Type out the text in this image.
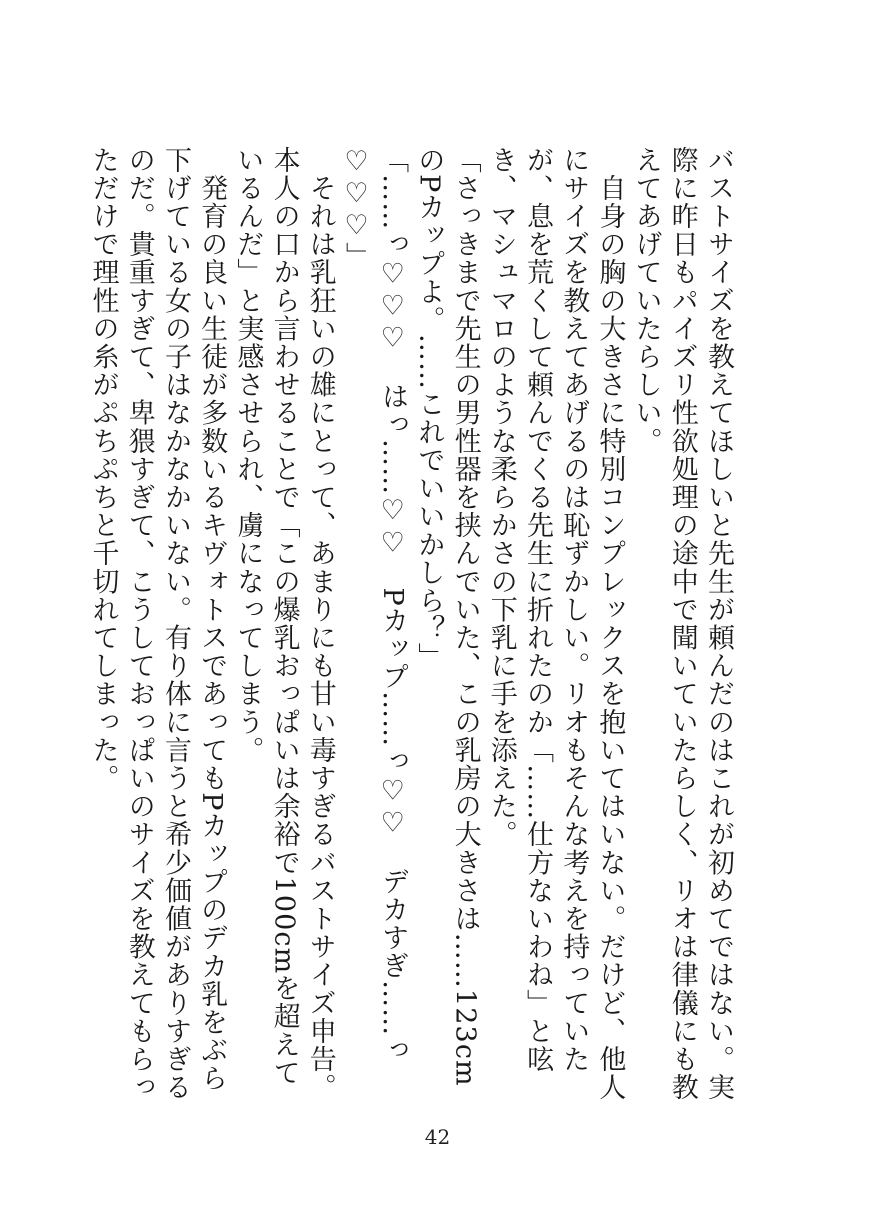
バストサイズを教えてほしいと先生が頼んだのはこれが初めてではない。実際に昨日もパイズリ性欲処理の途中で聞いていたらしく、リオは律儀にも教えてあげていたらしい。

　自身の胸の大きさに特別コンプレックスを抱いてはいない。だけど、他人にサイズを教えてあげるのは恥ずかしい。リオもそんな考えを持っていたが、息を荒くして頼んでくる先生に折れたのか「……仕方ないわね」と呟き、マシュマロのような柔らかさの下乳に手を添えた。

「さっきまで先生の男性器を挟んでいた、この乳房の大きさは……123cmのPカップよ。……これでいいかしら？」

「……っ♡♡♡　はっ……♡♡　Pカップ……っ♡♡　デカすぎ……っ♡♡♡」

　それは乳狂いの雄にとって、あまりにも甘い毒すぎるバストサイズ申告。本人の口から言わせることで「この爆乳おっぱいは余裕で100cmを超えているんだ」と実感させられ、虜になってしまう。

　発育の良い生徒が多数いるキヴォトスであってもPカップのデカ乳をぶら下げている女の子はなかなかいない。有り体に言うと希少価値がありすぎるのだ。貴重すぎて、卑猥すぎて、こうしておっぱいのサイズを教えてもらっただけで理性の糸がぷちぷちと千切れてしまった。

42
